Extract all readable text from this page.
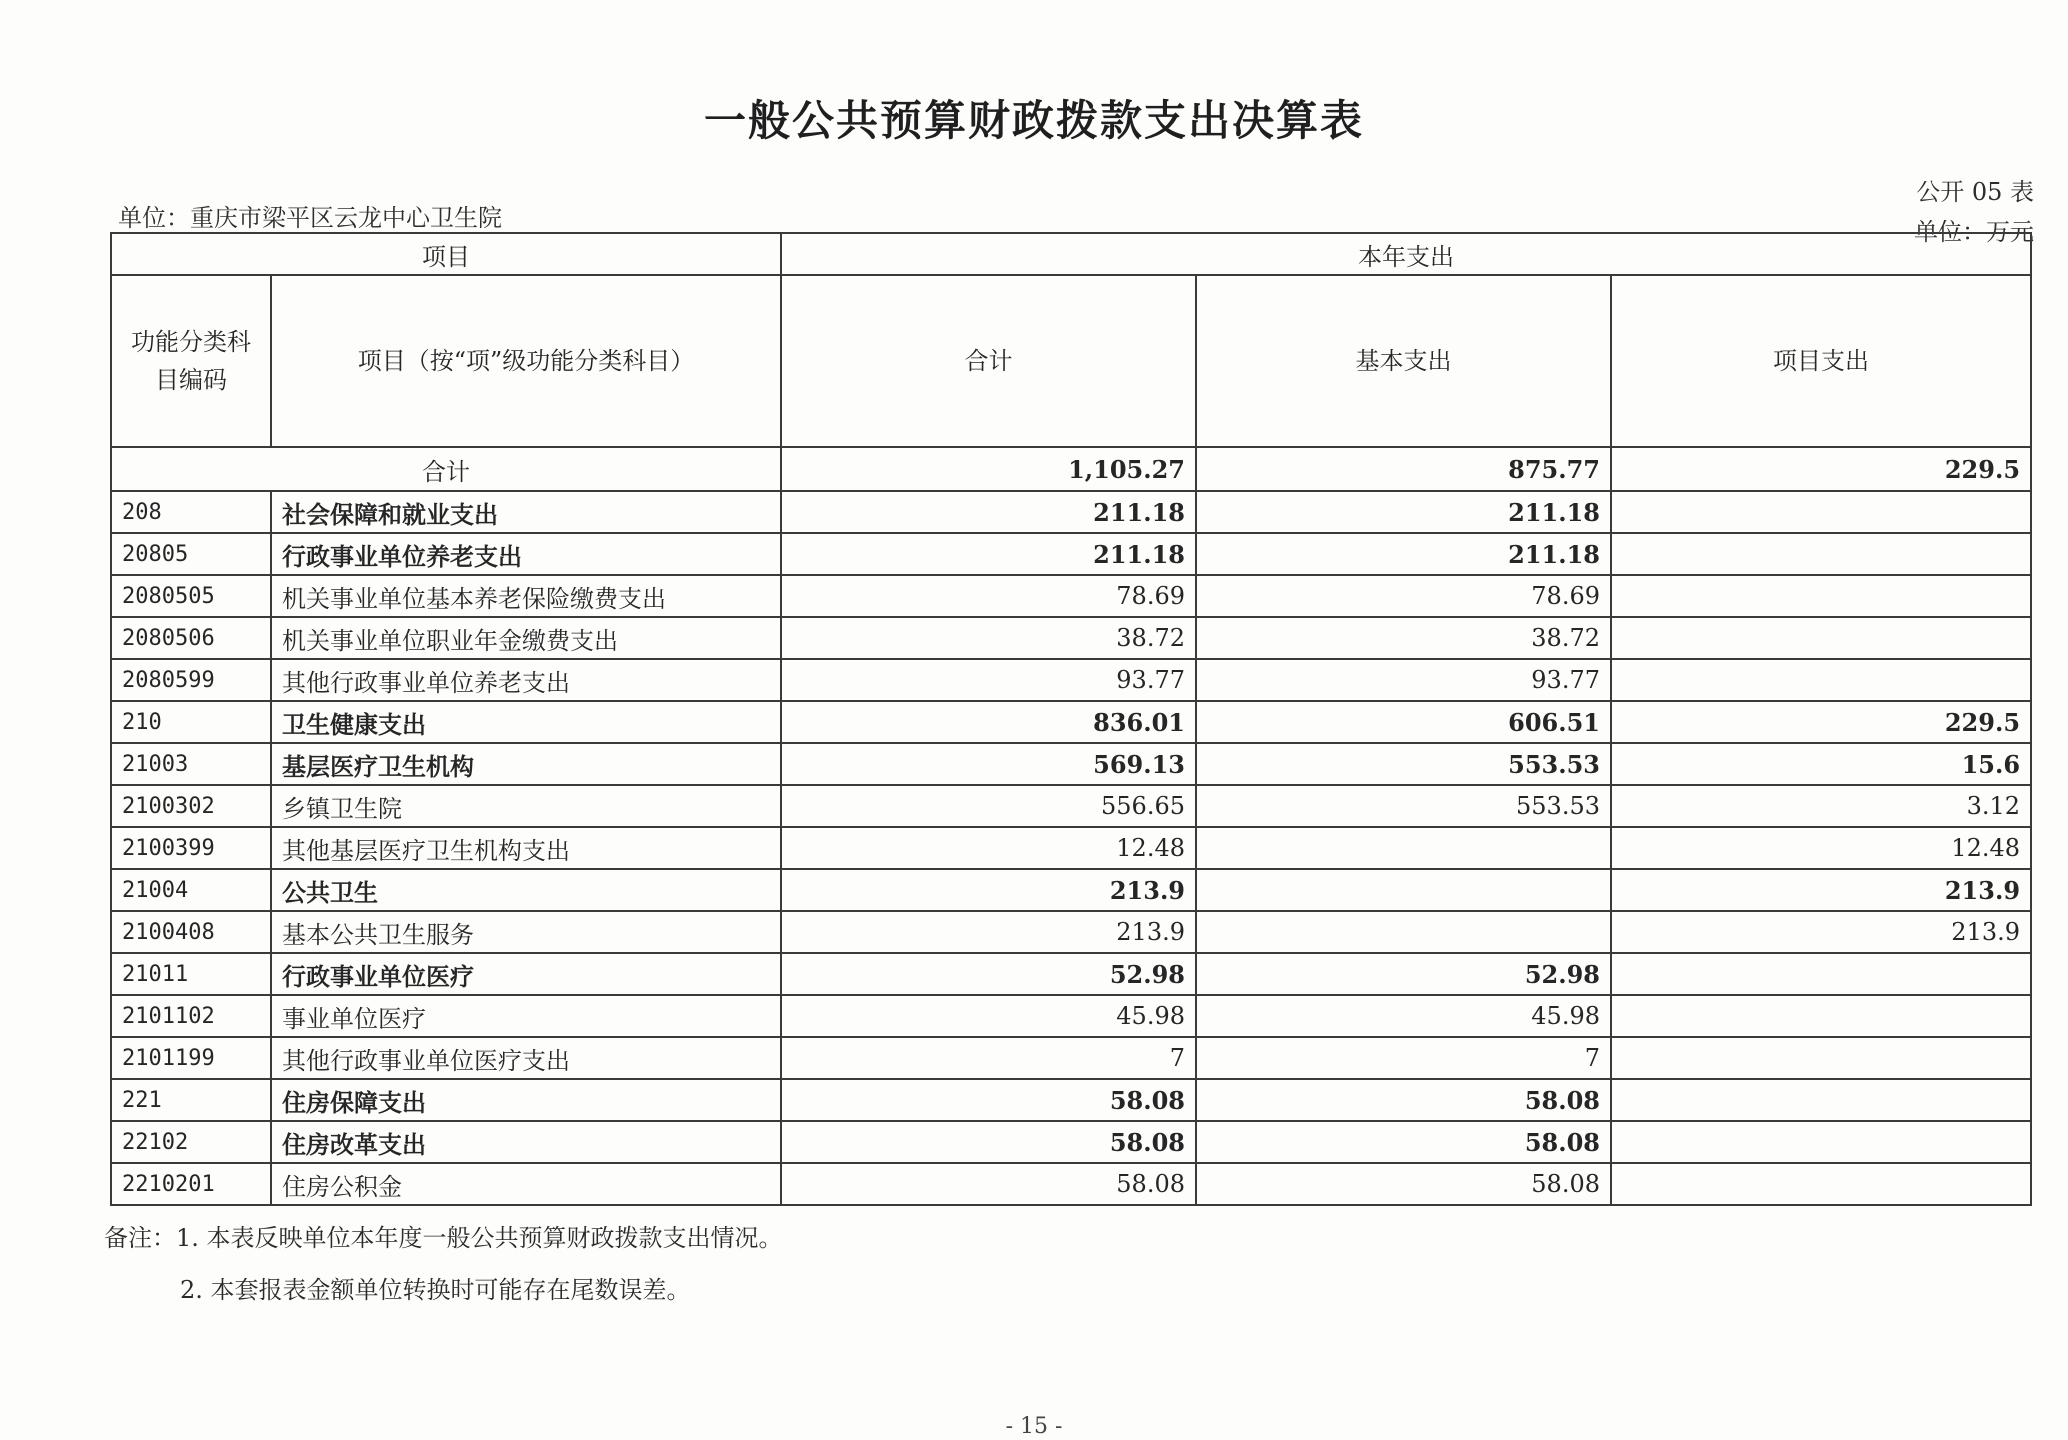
一般公共预算财政拨款支出决算表
公开 05 表
单位：万元
单位：重庆市梁平区云龙中心卫生院
项目		本年支出		
功能分类科目编码	项目（按“项”级功能分类科目）	合计	基本支出	项目支出
合计		1,105.27	875.77	229.5
208	社会保障和就业支出	211.18	211.18	
20805	行政事业单位养老支出	211.18	211.18	
2080505	机关事业单位基本养老保险缴费支出	78.69	78.69	
2080506	机关事业单位职业年金缴费支出	38.72	38.72	
2080599	其他行政事业单位养老支出	93.77	93.77	
210	卫生健康支出	836.01	606.51	229.5
21003	基层医疗卫生机构	569.13	553.53	15.6
2100302	乡镇卫生院	556.65	553.53	3.12
2100399	其他基层医疗卫生机构支出	12.48		12.48
21004	公共卫生	213.9		213.9
2100408	基本公共卫生服务	213.9		213.9
21011	行政事业单位医疗	52.98	52.98	
2101102	事业单位医疗	45.98	45.98	
2101199	其他行政事业单位医疗支出	7	7	
221	住房保障支出	58.08	58.08	
22102	住房改革支出	58.08	58.08	
2210201	住房公积金	58.08	58.08	
备注：1. 本表反映单位本年度一般公共预算财政拨款支出情况。
2. 本套报表金额单位转换时可能存在尾数误差。
- 15 -
